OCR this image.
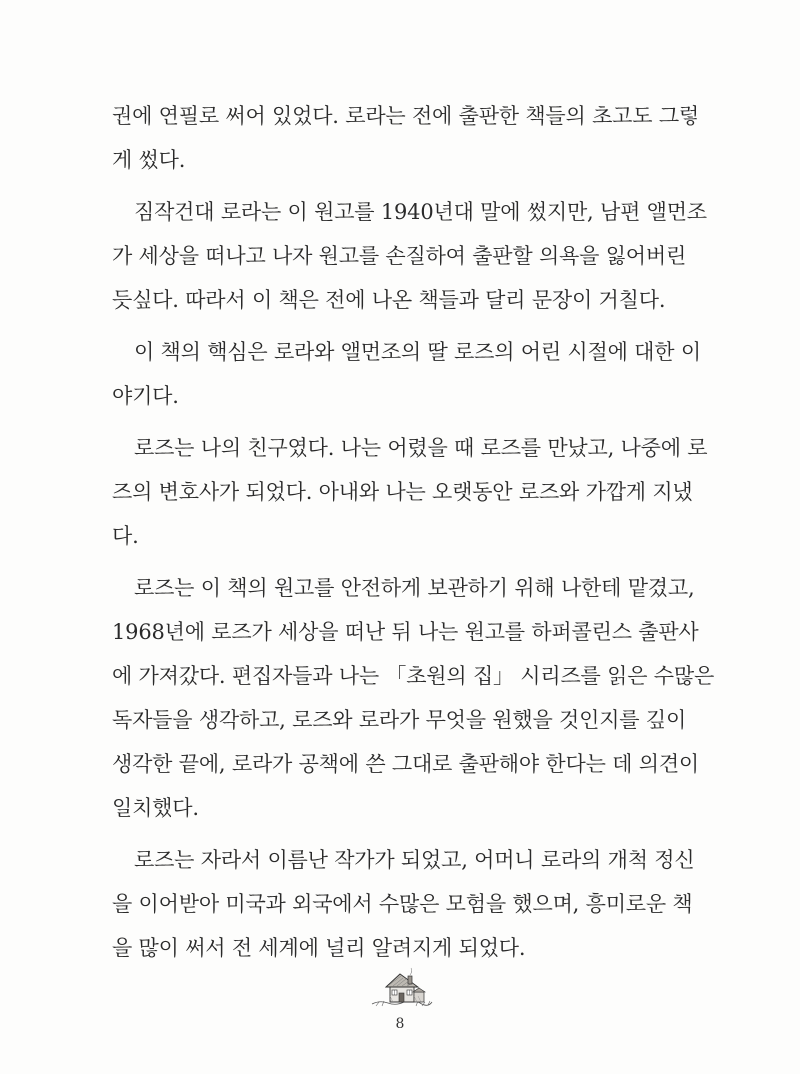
권에 연필로 써어 있었다. 로라는 전에 출판한 책들의 초고도 그렇
게 썼다.

짐작건대 로라는 이 원고를 1940년대 말에 썼지만, 남편 앨먼조
가 세상을 떠나고 나자 원고를 손질하여 출판할 의욕을 잃어버린
듯싶다. 따라서 이 책은 전에 나온 책들과 달리 문장이 거칠다.

이 책의 핵심은 로라와 앨먼조의 딸 로즈의 어린 시절에 대한 이
야기다.

로즈는 나의 친구였다. 나는 어렸을 때 로즈를 만났고, 나중에 로
즈의 변호사가 되었다. 아내와 나는 오랫동안 로즈와 가깝게 지냈
다.

로즈는 이 책의 원고를 안전하게 보관하기 위해 나한테 맡겼고,
1968년에 로즈가 세상을 떠난 뒤 나는 원고를 하퍼콜린스 출판사
에 가져갔다. 편집자들과 나는 「초원의 집」 시리즈를 읽은 수많은
독자들을 생각하고, 로즈와 로라가 무엇을 원했을 것인지를 깊이
생각한 끝에, 로라가 공책에 쓴 그대로 출판해야 한다는 데 의견이
일치했다.

로즈는 자라서 이름난 작가가 되었고, 어머니 로라의 개척 정신
을 이어받아 미국과 외국에서 수많은 모험을 했으며, 흥미로운 책
을 많이 써서 전 세계에 널리 알려지게 되었다.

8
